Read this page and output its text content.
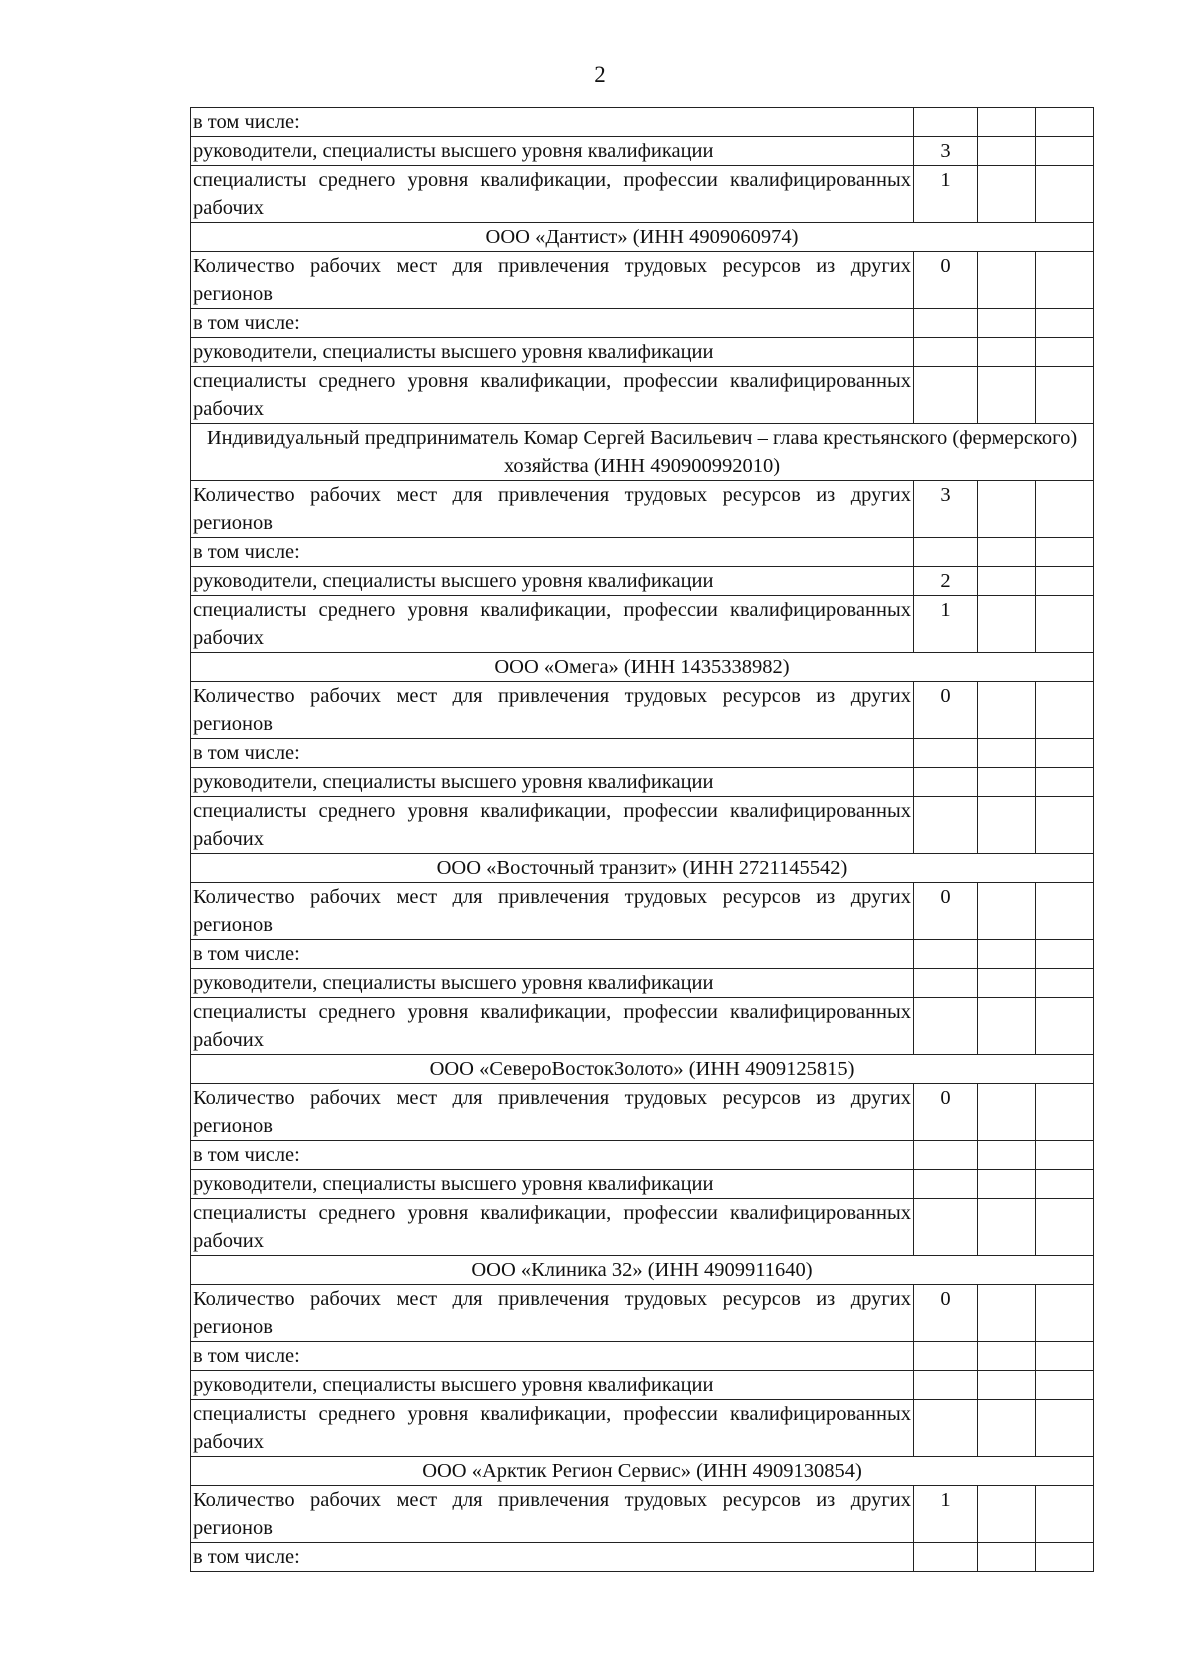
2
в том числе:			
руководители, специалисты высшего уровня квалификации	3		
специалисты среднего уровня квалификации, профессии квалифицированных рабочих	1		
ООО «Дантист» (ИНН 4909060974)			
Количество рабочих мест для привлечения трудовых ресурсов из других регионов	0		
в том числе:			
руководители, специалисты высшего уровня квалификации			
специалисты среднего уровня квалификации, профессии квалифицированных рабочих			
Индивидуальный предприниматель Комар Сергей Васильевич – глава крестьянского (фермерского) хозяйства (ИНН 490900992010)			
Количество рабочих мест для привлечения трудовых ресурсов из других регионов	3		
в том числе:			
руководители, специалисты высшего уровня квалификации	2		
специалисты среднего уровня квалификации, профессии квалифицированных рабочих	1		
ООО «Омега» (ИНН 1435338982)			
Количество рабочих мест для привлечения трудовых ресурсов из других регионов	0		
в том числе:			
руководители, специалисты высшего уровня квалификации			
специалисты среднего уровня квалификации, профессии квалифицированных рабочих			
ООО «Восточный транзит» (ИНН 2721145542)			
Количество рабочих мест для привлечения трудовых ресурсов из других регионов	0		
в том числе:			
руководители, специалисты высшего уровня квалификации			
специалисты среднего уровня квалификации, профессии квалифицированных рабочих			
ООО «СевероВостокЗолото» (ИНН 4909125815)			
Количество рабочих мест для привлечения трудовых ресурсов из других регионов	0		
в том числе:			
руководители, специалисты высшего уровня квалификации			
специалисты среднего уровня квалификации, профессии квалифицированных рабочих			
ООО «Клиника 32» (ИНН 4909911640)			
Количество рабочих мест для привлечения трудовых ресурсов из других регионов	0		
в том числе:			
руководители, специалисты высшего уровня квалификации			
специалисты среднего уровня квалификации, профессии квалифицированных рабочих			
ООО «Арктик Регион Сервис» (ИНН 4909130854)			
Количество рабочих мест для привлечения трудовых ресурсов из других регионов	1		
в том числе:			
